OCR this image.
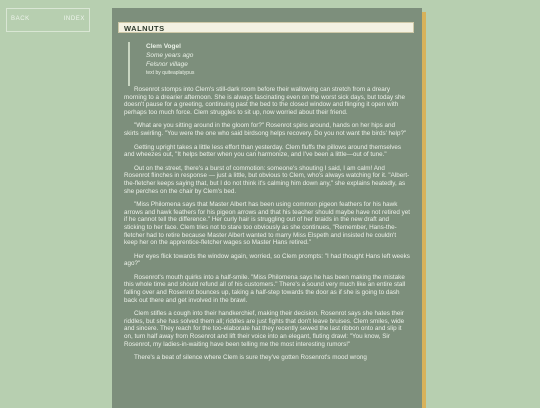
BACK	INDEX
WALNUTS
Clem Vogel
Some years ago
Felsnor village
text by quiteaplatypus

Rosenrot stomps into Clem's still-dark room before their wallowing can stretch from a dreary morning to a drearier afternoon. She is always fascinating even on the worst sick days, but today she doesn't pause for a greeting, continuing past the bed to the closed window and flinging it open with perhaps too much force. Clem struggles to sit up, now worried about their friend.

"What are you sitting around in the gloom for?" Rosenrot spins around, hands on her hips and skirts swirling. "You were the one who said birdsong helps recovery. Do you not want the birds' help?"

Getting upright takes a little less effort than yesterday. Clem fluffs the pillows around themselves and wheezes out, "It helps better when you can harmonize, and I've been a little—out of tune."

Out on the street, there's a burst of commotion: someone's shouting I said, I am calm! And Rosenrot flinches in response — just a little, but obvious to Clem, who's always watching for it. "Albert-the-fletcher keeps saying that, but I do not think it's calming him down any," she explains heatedly, as she perches on the chair by Clem's bed.

"Miss Philomena says that Master Albert has been using common pigeon feathers for his hawk arrows and hawk feathers for his pigeon arrows and that his teacher should maybe have not retired yet if he cannot tell the difference." Her curly hair is struggling out of her braids in the new draft and sticking to her face. Clem tries not to stare too obviously as she continues, "Remember, Hans-the-fletcher had to retire because Master Albert wanted to marry Miss Elspeth and insisted he couldn't keep her on the apprentice-fletcher wages so Master Hans retired."

Her eyes flick towards the window again, worried, so Clem prompts: "I had thought Hans left weeks ago?"

Rosenrot's mouth quirks into a half-smile. "Miss Philomena says he has been making the mistake this whole time and should refund all of his customers." There's a sound very much like an entire stall falling over and Rosenrot bounces up, taking a half-step towards the door as if she is going to dash back out there and get involved in the brawl.

Clem stifles a cough into their handkerchief, making their decision. Rosenrot says she hates their riddles, but she has solved them all; riddles are just fights that don't leave bruises. Clem smiles, wide and sincere. They reach for the too-elaborate hat they recently sewed the last ribbon onto and slip it on, turn half away from Rosenrot and lift their voice into an elegant, fluting drawl: "You know, Sir Rosenrot, my ladies-in-waiting have been telling me the most interesting rumors!"

There's a beat of silence where Clem is sure they've gotten Rosenrot's mood wrong
